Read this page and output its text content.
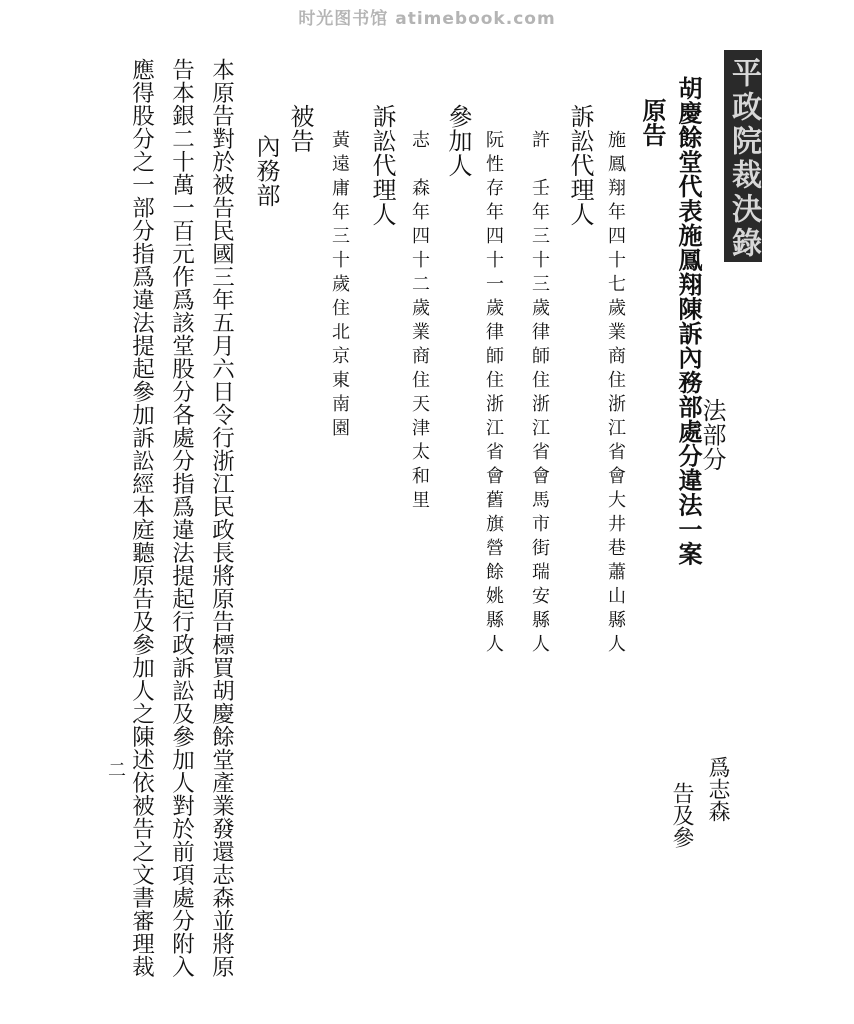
时光图书馆 atimebook.com
平政院裁決錄
法部分
胡慶餘堂代表施鳳翔陳訴內務部處分違法一案
爲志森
告及參
原告
施鳳翔年四十七歲業商住浙江省會大井巷蕭山縣人
訴訟代理人
許　壬年三十三歲律師住浙江省會馬市街瑞安縣人
阮性存年四十一歲律師住浙江省會舊旗營餘姚縣人
參加人
志　森年四十二歲業商住天津太和里
訴訟代理人
黃遠庸年三十歲住北京東南園
被告
內務部
本原告對於被告民國三年五月六日令行浙江民政長將原告標買胡慶餘堂產業發還志森並將原
告本銀二十萬一百元作爲該堂股分各處分指爲違法提起行政訴訟及參加人對於前項處分附入
應得股分之一部分指爲違法提起參加訴訟經本庭聽原告及參加人之陳述依被告之文書審理裁
二
